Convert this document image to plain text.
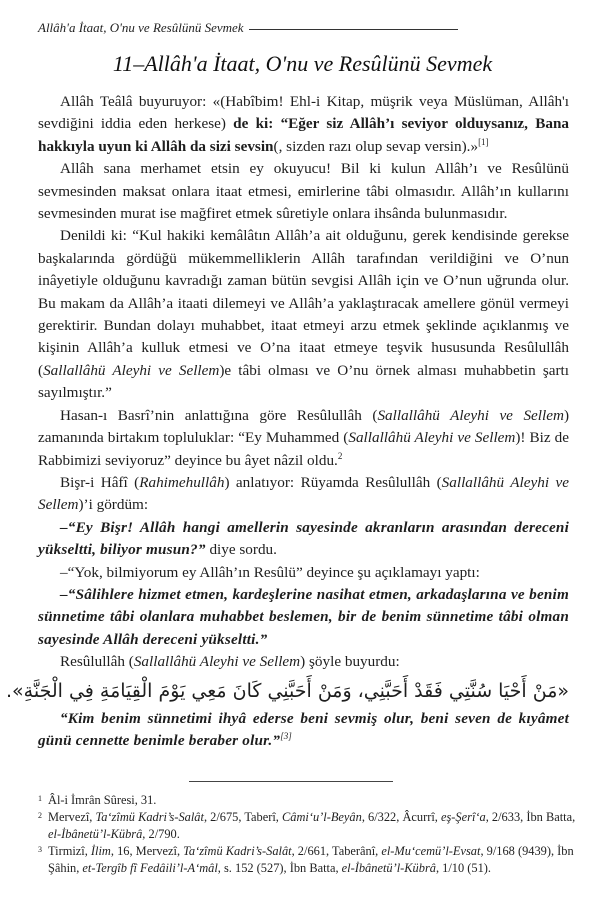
Allâh'a İtaat, O'nu ve Resûlünü Sevmek
11–Allâh'a İtaat, O'nu ve Resûlünü Sevmek

Allâh Teâlâ buyuruyor: «(Habîbim! Ehl-i Kitap, müşrik veya Müslüman, Allâh'ı sevdiğini iddia eden herkese) de ki: “Eğer siz Allâh’ı seviyor olduysanız, Bana hakkıyla uyun ki Allâh da sizi sevsin(, sizden razı olup sevap versin).»[1]

Allâh sana merhamet etsin ey okuyucu! Bil ki kulun Allâh’ı ve Resûlünü sevmesinden maksat onlara itaat etmesi, emirlerine tâbi olmasıdır. Allâh’ın kullarını sevmesinden murat ise mağfiret etmek sûretiyle onlara ihsânda bulunmasıdır.

Denildi ki: “Kul hakiki kemâlâtın Allâh’a ait olduğunu, gerek kendisinde gerekse başkalarında gördüğü mükemmelliklerin Allâh tarafından verildiğini ve O’nun inâyetiyle olduğunu kavradığı zaman bütün sevgisi Allâh için ve O’nun uğrunda olur. Bu makam da Allâh’a itaati dilemeyi ve Allâh’a yaklaştıracak amellere gönül vermeyi gerektirir. Bundan dolayı muhabbet, itaat etmeyi arzu etmek şeklinde açıklanmış ve kişinin Allâh’a kulluk etmesi ve O’na itaat etmeye teşvik hususunda Resûlullâh (Sallallâhü Aleyhi ve Sellem)e tâbi olması ve O’nu örnek alması muhabbetin şartı sayılmıştır.”

Hasan-ı Basrî’nin anlattığına göre Resûlullâh (Sallallâhü Aleyhi ve Sellem) zamanında birtakım topluluklar: “Ey Muhammed (Sallallâhü Aleyhi ve Sellem)! Biz de Rabbimizi seviyoruz” deyince bu âyet nâzil oldu.$^2$

Bişr-i Hâfî (Rahimehullâh) anlatıyor: Rüyamda Resûlullâh (Sallallâhü Aleyhi ve Sellem)’i gördüm:

–“Ey Bişr! Allâh hangi amellerin sayesinde akranların arasından dereceni yükseltti, biliyor musun?” diye sordu.

–“Yok, bilmiyorum ey Allâh’ın Resûlü” deyince şu açıklamayı yaptı:

–“Sâlihlere hizmet etmen, kardeşlerine nasihat etmen, arkadaşlarına ve benim sünnetime tâbi olanlara muhabbet beslemen, bir de benim sünnetime tâbi olman sayesinde Allâh dereceni yükseltti.”

Resûlullâh (Sallallâhü Aleyhi ve Sellem) şöyle buyurdu:

«مَنْ أَحْيَا سُنَّتِي فَقَدْ أَحَبَّنِي، وَمَنْ أَحَبَّنِي كَانَ مَعِي يَوْمَ الْقِيَامَةِ فِي الْجَنَّةِ».

“Kim benim sünnetimi ihyâ ederse beni sevmiş olur, beni seven de kıyâmet günü cennette benimle beraber olur.”[3]

1 Âl-i İmrân Sûresi, 31.
2 Mervezî, Ta‘zîmü Kadri’s-Salât, 2/675, Taberî, Câmi‘u’l-Beyân, 6/322, Âcurrî, eş-Şerî‘a, 2/633, İbn Batta, el-İbânetü’l-Kübrâ, 2/790.
3 Tirmizî, İlim, 16, Mervezî, Ta‘zîmü Kadri’s-Salât, 2/661, Taberânî, el-Mu‘cemü’l-Evsat, 9/168 (9439), İbn Şâhin, et-Tergîb fî Fedâili’l-A‘mâl, s. 152 (527), İbn Batta, el-İbânetü’l-Kübrâ, 1/10 (51).
